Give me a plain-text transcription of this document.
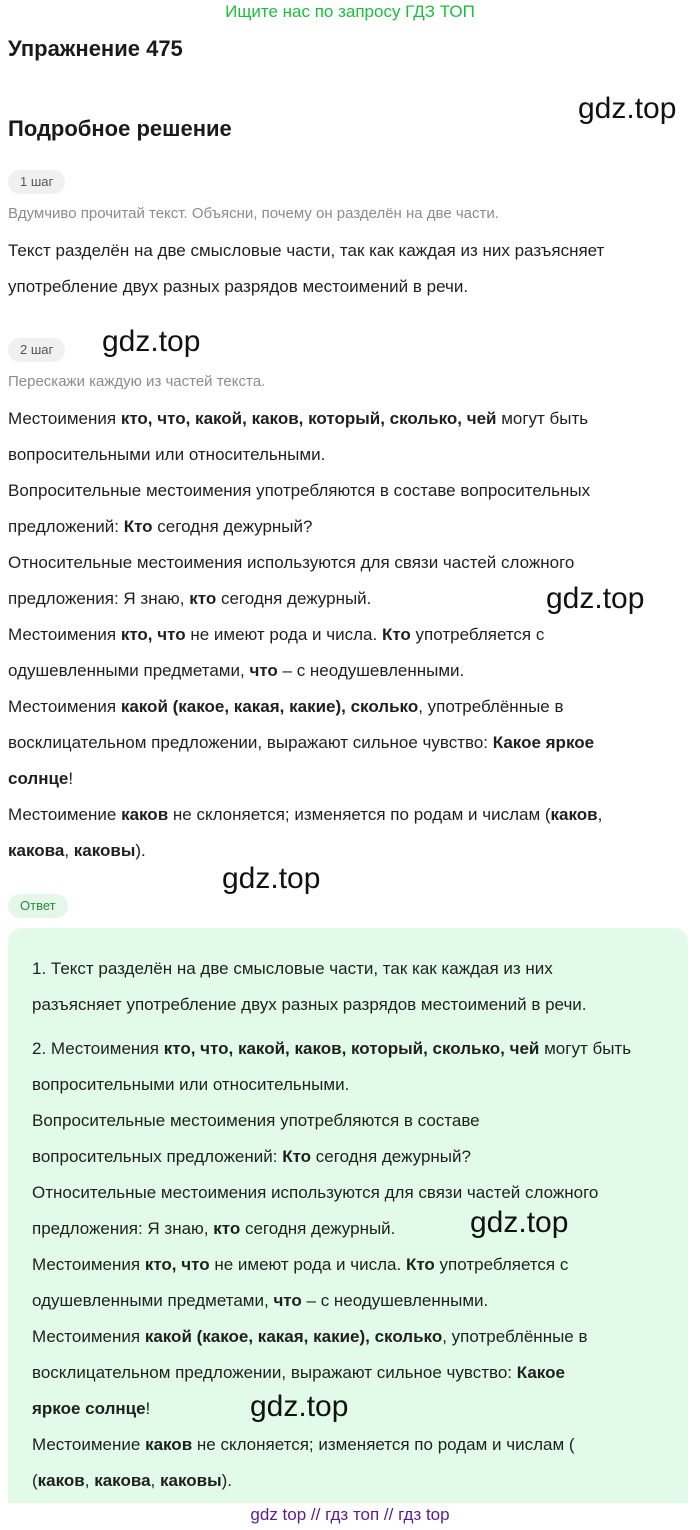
Ищите нас по запросу ГДЗ ТОП
Упражнение 475
gdz.top
Подробное решение
1 шаг
Вдумчиво прочитай текст. Объясни, почему он разделён на две части.

Текст разделён на две смысловые части, так как каждая из них разъясняет

употребление двух разных разрядов местоимений в речи.

2 шаг	gdz.top
Перескажи каждую из частей текста.

Местоимения кто, что, какой, каков, который, сколько, чей могут быть

вопросительными или относительными.

Вопросительные местоимения употребляются в составе вопросительных

предложений: Кто сегодня дежурный?

Относительные местоимения используются для связи частей сложного

предложения: Я знаю, кто сегодня дежурный.

Местоимения кто, что не имеют рода и числа. Кто употребляется с

одушевленными предметами, что – с неодушевленными.

Местоимения какой (какое, какая, какие), сколько, употреблённые в

восклицательном предложении, выражают сильное чувство: Какое яркое

солнце!

Местоимение каков не склоняется; изменяется по родам и числам (каков,

какова, каковы).

gdz.top
gdz.top
Ответ

1. Текст разделён на две смысловые части, так как каждая из них

разъясняет употребление двух разных разрядов местоимений в речи.

2. Местоимения кто, что, какой, каков, который, сколько, чей могут быть

вопросительными или относительными.

Вопросительные местоимения употребляются в составе

вопросительных предложений: Кто сегодня дежурный?

Относительные местоимения используются для связи частей сложного

предложения: Я знаю, кто сегодня дежурный.

Местоимения кто, что не имеют рода и числа. Кто употребляется с

одушевленными предметами, что – с неодушевленными.

Местоимения какой (какое, какая, какие), сколько, употреблённые в

восклицательном предложении, выражают сильное чувство: Какое

яркое солнце!

Местоимение каков не склоняется; изменяется по родам и числам (

(каков, какова, каковы).

gdz.top
gdz.top
gdz top // гдз топ // гдз top
